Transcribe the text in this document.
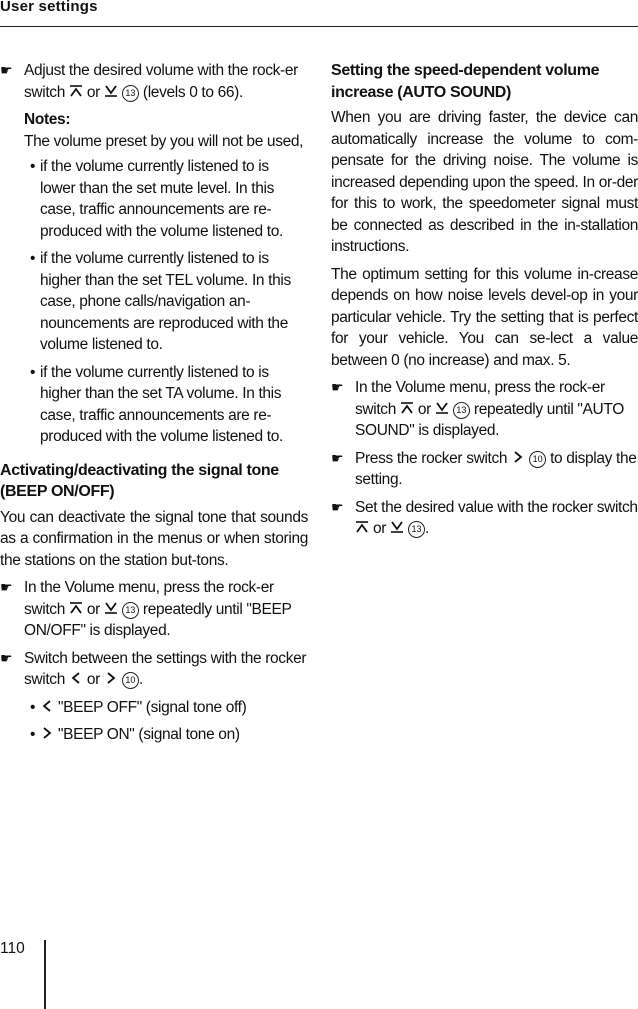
User settings
☛ Adjust the desired volume with the rock-er switch or	13 (levels 0 to 66).

Notes:

The volume preset by you will not be used,

• if the volume currently listened to is lower than the set mute level. In this case, traffic announcements are re-produced with the volume listened to.
• if the volume currently listened to is higher than the set TEL volume. In this case, phone calls/navigation an-nouncements are reproduced with the volume listened to.
• if the volume currently listened to is higher than the set TA volume. In this case, traffic announcements are re-produced with the volume listened to.

Activating/deactivating the signal tone (BEEP ON/OFF)

You can deactivate the signal tone that sounds as a confirmation in the menus or when storing the stations on the station but-tons.

☛ In the Volume menu, press the rock-er switch or	13 repeatedly until "BEEP ON/OFF" is displayed.
☛ Switch between the settings with the rocker switch or	10 .
• "BEEP OFF" (signal tone off)
• "BEEP ON" (signal tone on)

Setting the speed-dependent volume increase (AUTO SOUND)

When you are driving faster, the device can automatically increase the volume to com-pensate for the driving noise. The volume is increased depending upon the speed. In or-der for this to work, the speedometer signal must be connected as described in the in-stallation instructions.

The optimum setting for this volume in-crease depends on how noise levels devel-op in your particular vehicle. Try the setting that is perfect for your vehicle. You can se-lect a value between 0 (no increase) and max. 5.

☛ In the Volume menu, press the rock-er switch or	13 repeatedly until "AUTO SOUND" is displayed.
☛ Press the rocker switch	10 to display the setting.
☛ Set the desired value with the rocker switch
or	13 .
110
